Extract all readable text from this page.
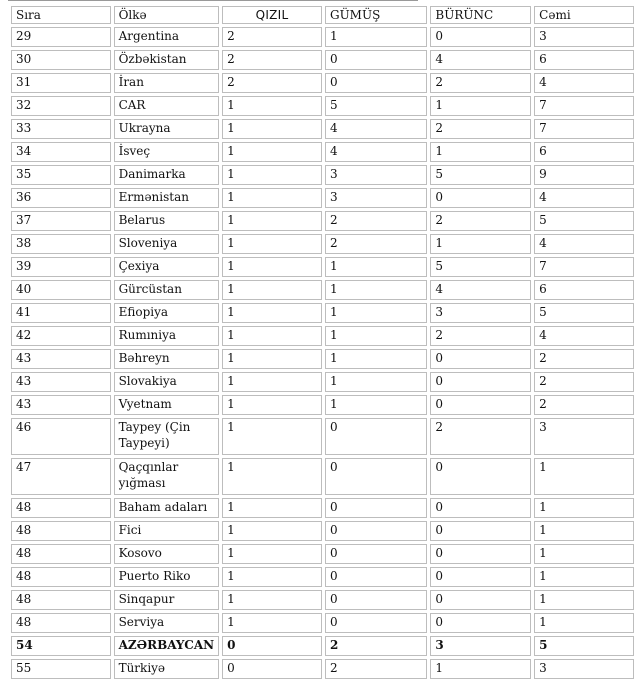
Sıra	Ölkə	QIZIL	GÜMÜŞ	BÜRÜNC	Cəmi
29	Argentina	2	1	0	3
30	Özbəkistan	2	0	4	6
31	İran	2	0	2	4
32	CAR	1	5	1	7
33	Ukrayna	1	4	2	7
34	İsveç	1	4	1	6
35	Danimarka	1	3	5	9
36	Ermənistan	1	3	0	4
37	Belarus	1	2	2	5
38	Sloveniya	1	2	1	4
39	Çexiya	1	1	5	7
40	Gürcüstan	1	1	4	6
41	Efiopiya	1	1	3	5
42	Rumıniya	1	1	2	4
43	Bəhreyn	1	1	0	2
43	Slovakiya	1	1	0	2
43	Vyetnam	1	1	0	2
46	Taypey (Çin Taypeyi)	1	0	2	3
47	Qaçqınlar yığması	1	0	0	1
48	Baham adaları	1	0	0	1
48	Fici	1	0	0	1
48	Kosovo	1	0	0	1
48	Puerto Riko	1	0	0	1
48	Sinqapur	1	0	0	1
48	Serviya	1	0	0	1
54	AZƏRBAYCAN	0	2	3	5
55	Türkiyə	0	2	1	3
